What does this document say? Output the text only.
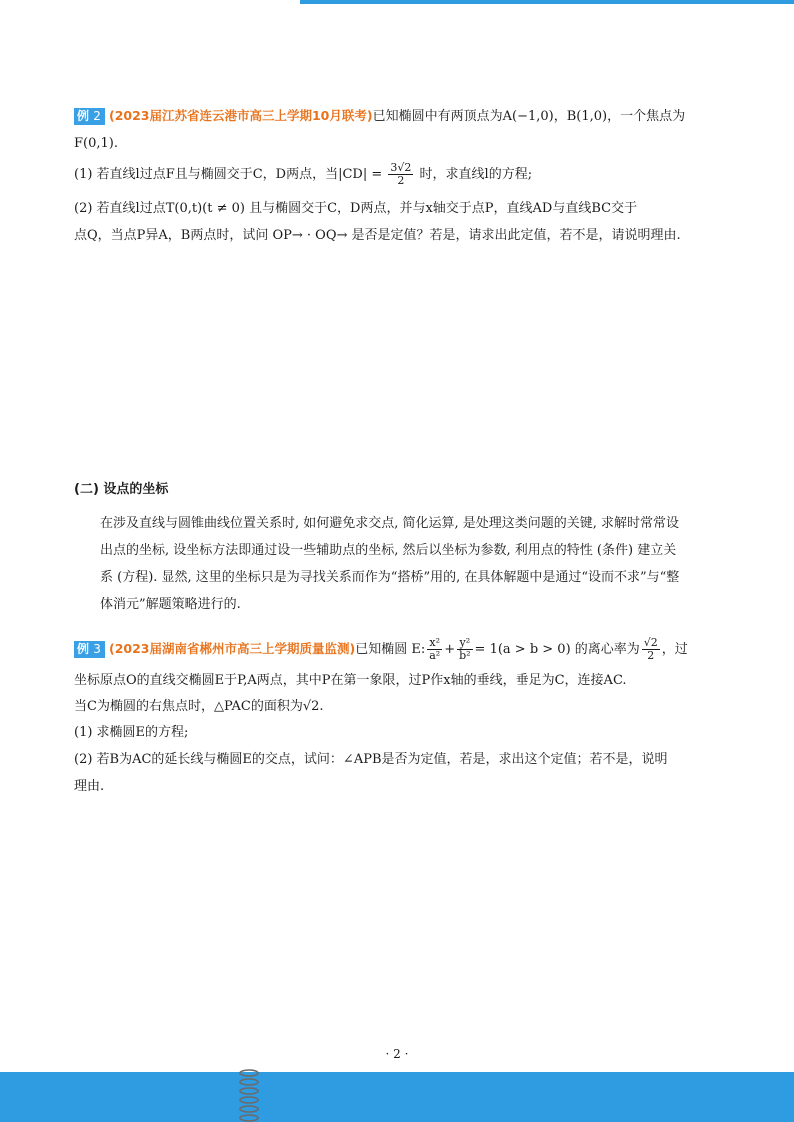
例 2 (2023届江苏省连云港市高三上学期10月联考)已知椭圆中有两顶点为A(−1,0)，B(1,0)，一个焦点为
F(0,1).
(1) 若直线l过点F且与椭圆交于C，D两点，当$|CD| = \frac{3√2}{2}$ 时，求直线l的方程;
(2) 若直线l过点T(0,t)(t ≠ 0) 且与椭圆交于C，D两点，并与x轴交于点P，直线AD与直线BC交于
点Q，当点P异A，B两点时，试问 OP→ · OQ→ 是否是定值？若是，请求出此定值，若不是，请说明理由.
(二) 设点的坐标
在涉及直线与圆锥曲线位置关系时, 如何避免求交点, 简化运算, 是处理这类问题的关键, 求解时常常设
出点的坐标, 设坐标方法即通过设一些辅助点的坐标, 然后以坐标为参数, 利用点的特性 (条件) 建立关
系 (方程). 显然, 这里的坐标只是为寻找关系而作为“搭桥”用的, 在具体解题中是通过“设而不求”与“整
体消元”解题策略进行的.
例 3 (2023届湖南省郴州市高三上学期质量监测)已知椭圆 E: $\frac{\text{x²}}{\text{a²}} + \frac{\text{y²}}{\text{b²}} = 1(a > b > 0)$ 的离心率为 $\frac{√2}{2}$ ，过
坐标原点O的直线交椭圆E于P,A两点，其中P在第一象限，过P作x轴的垂线，垂足为C，连接AC.
当C为椭圆的右焦点时，△PAC的面积为√2.
(1) 求椭圆E的方程;
(2) 若B为AC的延长线与椭圆E的交点，试问：∠APB是否为定值，若是，求出这个定值；若不是，说明
理由.
· 2 ·
